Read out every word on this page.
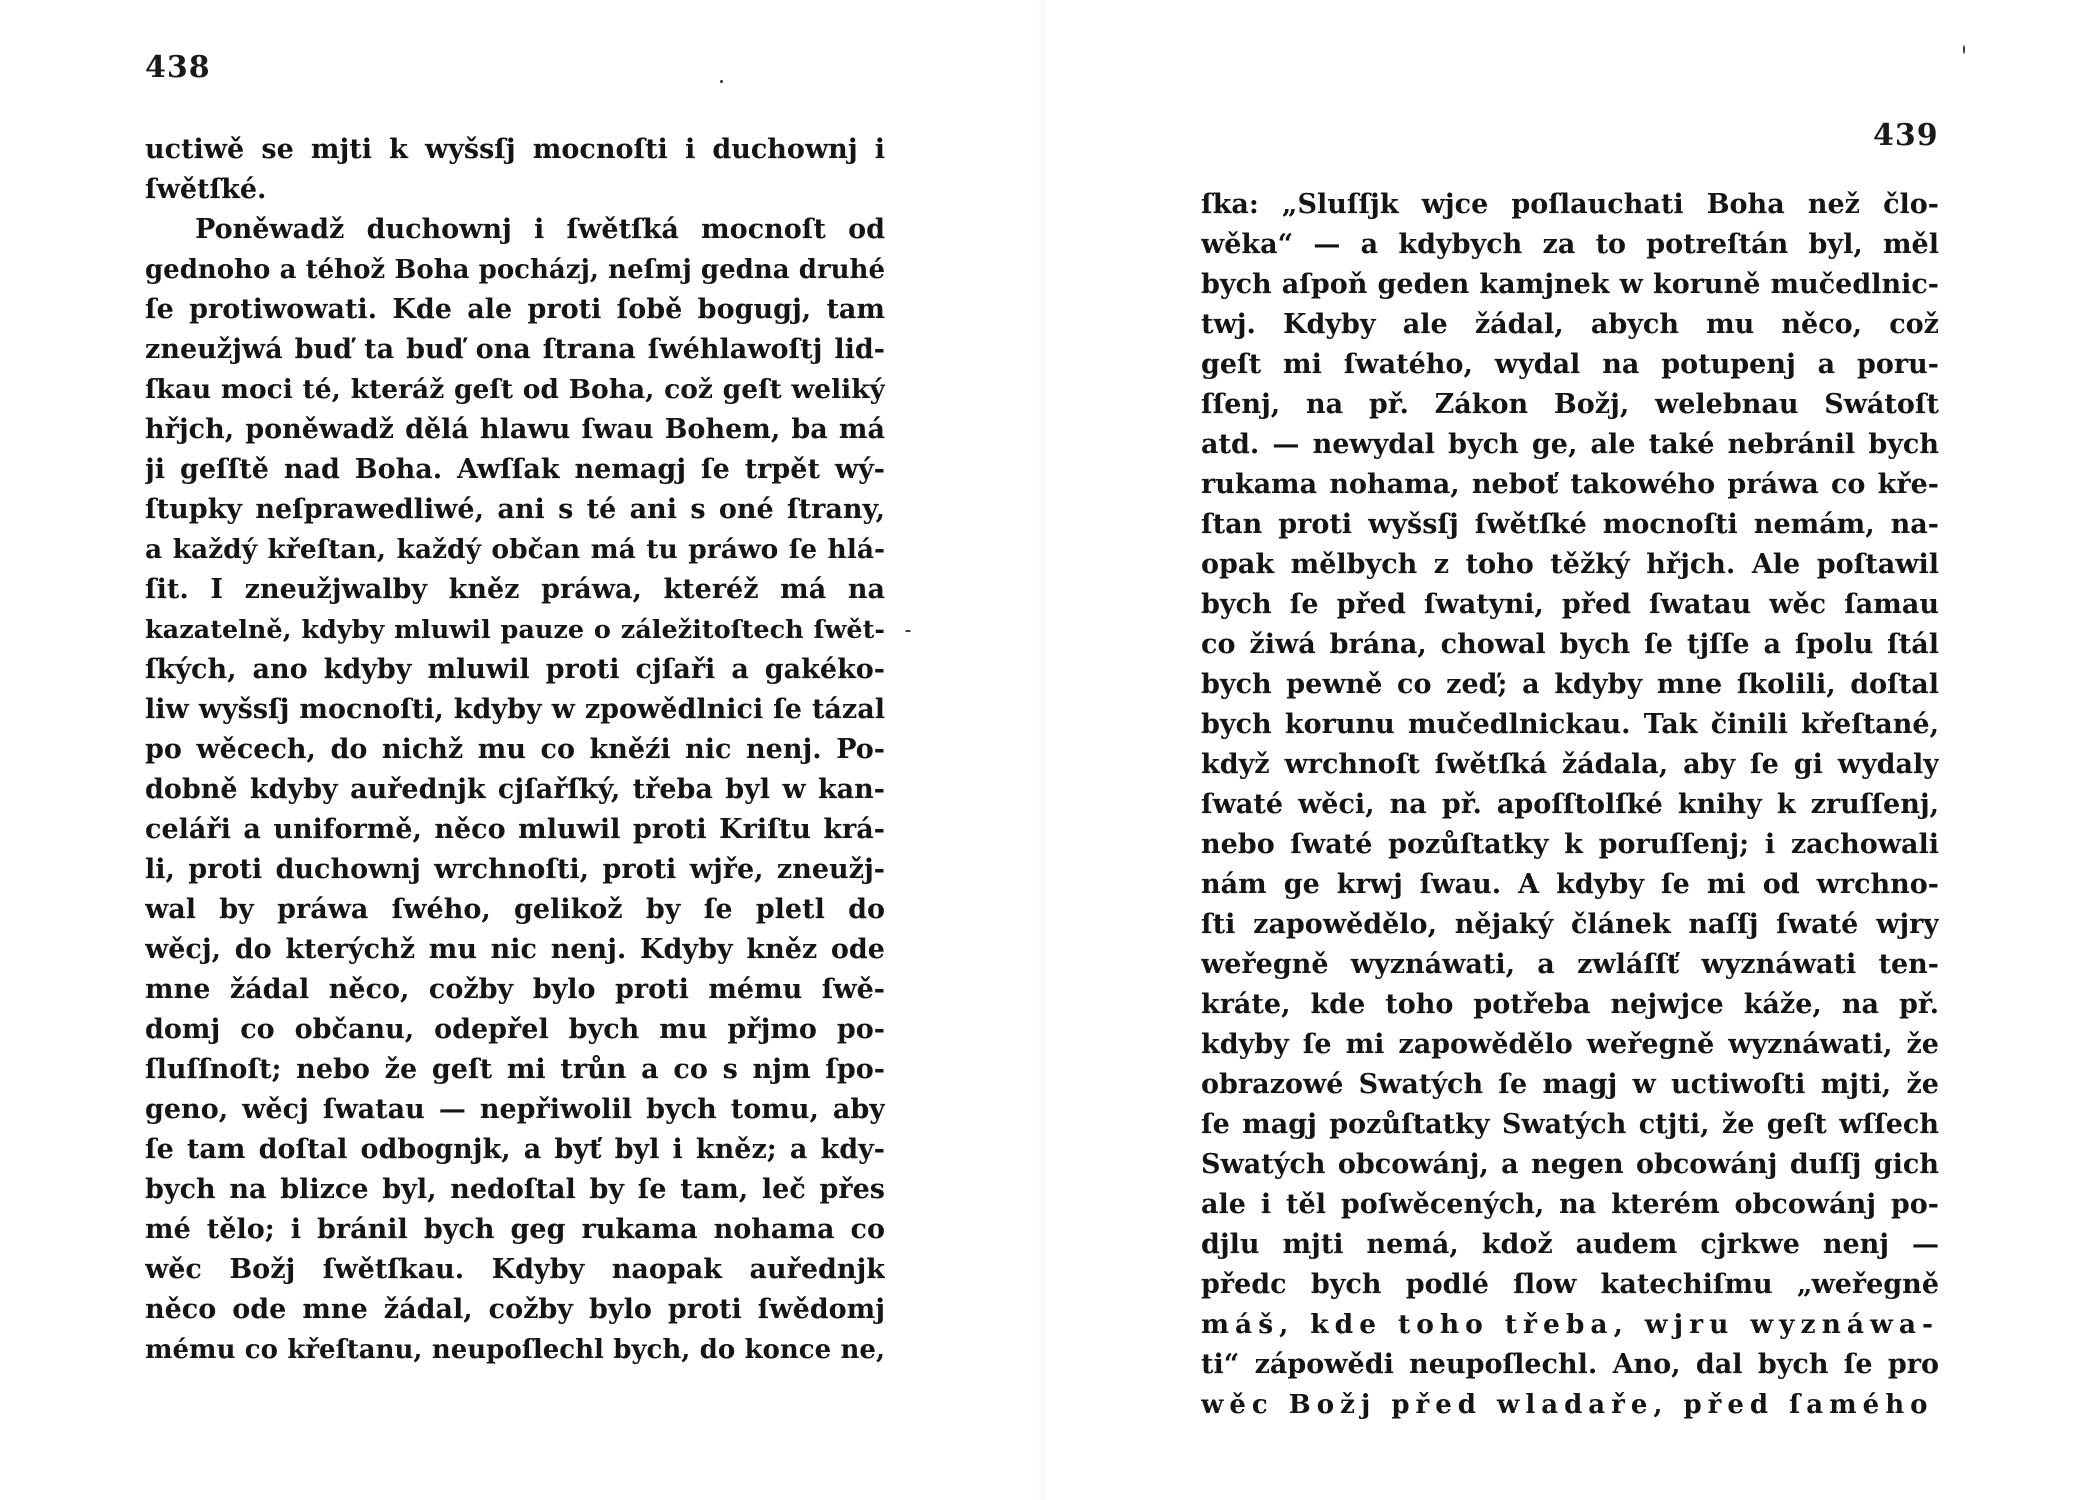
438
uctiwě se mjti k wyšsſj mocnoſti i duchownj i
ſwětſké.
Poněwadž duchownj i ſwětſká mocnoſt od
gednoho a téhož Boha pocházj, neſmj gedna druhé
ſe protiwowati. Kde ale proti ſobě bogugj, tam
zneužjwá buď ta buď ona ſtrana ſwéhlawoſtj lid-
ſkau moci té, kteráž geſt od Boha, což geſt weliký
hřjch, poněwadž dělá hlawu ſwau Bohem, ba má
ji geſſtě nad Boha. Awſſak nemagj ſe trpět wý-
ſtupky neſprawedliwé, ani s té ani s oné ſtrany,
a každý křeſtan, každý občan má tu práwo ſe hlá-
ſit. I zneužjwalby kněz práwa, kteréž má na
kazatelně, kdyby mluwil pauze o záležitoſtech ſwět-
ſkých, ano kdyby mluwil proti cjſaři a gakéko-
liw wyšsſj mocnoſti, kdyby w zpowědlnici ſe tázal
po wěcech, do nichž mu co kněźi nic nenj. Po-
dobně kdyby auřednjk cjſařſký, třeba byl w kan-
celáři a uniformě, něco mluwil proti Kriſtu krá-
li, proti duchownj wrchnoſti, proti wjře, zneužj-
wal by práwa ſwého, gelikož by ſe pletl do
wěcj, do kterýchž mu nic nenj. Kdyby kněz ode
mne žádal něco, cožby bylo proti mému ſwě-
domj co občanu, odepřel bych mu přjmo po-
ſluſſnoſt; nebo že geſt mi trůn a co s njm ſpo-
geno, wěcj ſwatau — nepřiwolil bych tomu, aby
ſe tam doſtal odbognjk, a byť byl i kněz; a kdy-
bych na blizce byl, nedoſtal by ſe tam, leč přes
mé tělo; i bránil bych geg rukama nohama co
wěc Božj ſwětſkau. Kdyby naopak auřednjk
něco ode mne žádal, cožby bylo proti ſwědomj
mému co křeſtanu, neupoſlechl bych, do konce ne,
439
ſka: „Sluſſjk wjce poſlauchati Boha než člo-
wěka“ — a kdybych za to potreſtán byl, měl
bych aſpoň geden kamjnek w koruně mučedlnic-
twj. Kdyby ale žádal, abych mu něco, což
geſt mi ſwatého, wydal na potupenj a poru-
ſſenj, na př. Zákon Božj, welebnau Swátoſt
atd. — newydal bych ge, ale také nebránil bych
rukama nohama, neboť takowého práwa co kře-
ſtan proti wyšsſj ſwětſké mocnoſti nemám, na-
opak mělbych z toho těžký hřjch. Ale poſtawil
bych ſe před ſwatyni, před ſwatau wěc ſamau
co žiwá brána, chowal bych ſe tjſſe a ſpolu ſtál
bych pewně co zeď; a kdyby mne ſkolili, doſtal
bych korunu mučedlnickau. Tak činili křeſtané,
když wrchnoſt ſwětſká žádala, aby ſe gi wydaly
ſwaté wěci, na př. apoſſtolſké knihy k zruſſenj,
nebo ſwaté pozůſtatky k poruſſenj; i zachowali
nám ge krwj ſwau. A kdyby ſe mi od wrchno-
ſti zapowědělo, nějaký článek naſſj ſwaté wjry
weřegně wyznáwati, a zwláſſť wyznáwati ten-
kráte, kde toho potřeba nejwjce káže, na př.
kdyby ſe mi zapowědělo weřegně wyznáwati, že
obrazowé Swatých ſe magj w uctiwoſti mjti, že
ſe magj pozůſtatky Swatých ctjti, že geſt wſſech
Swatých obcowánj, a negen obcowánj duſſj gich
ale i těl poſwěcených, na kterém obcowánj po-
djlu mjti nemá, kdož audem cjrkwe nenj —
předc bych podlé ſlow katechiſmu „weřegně
máš, kde toho třeba, wjru wyznáwa-
ti“ zápowědi neupoſlechl. Ano, dal bych ſe pro
wěc Božj před wladaře, před ſamého
